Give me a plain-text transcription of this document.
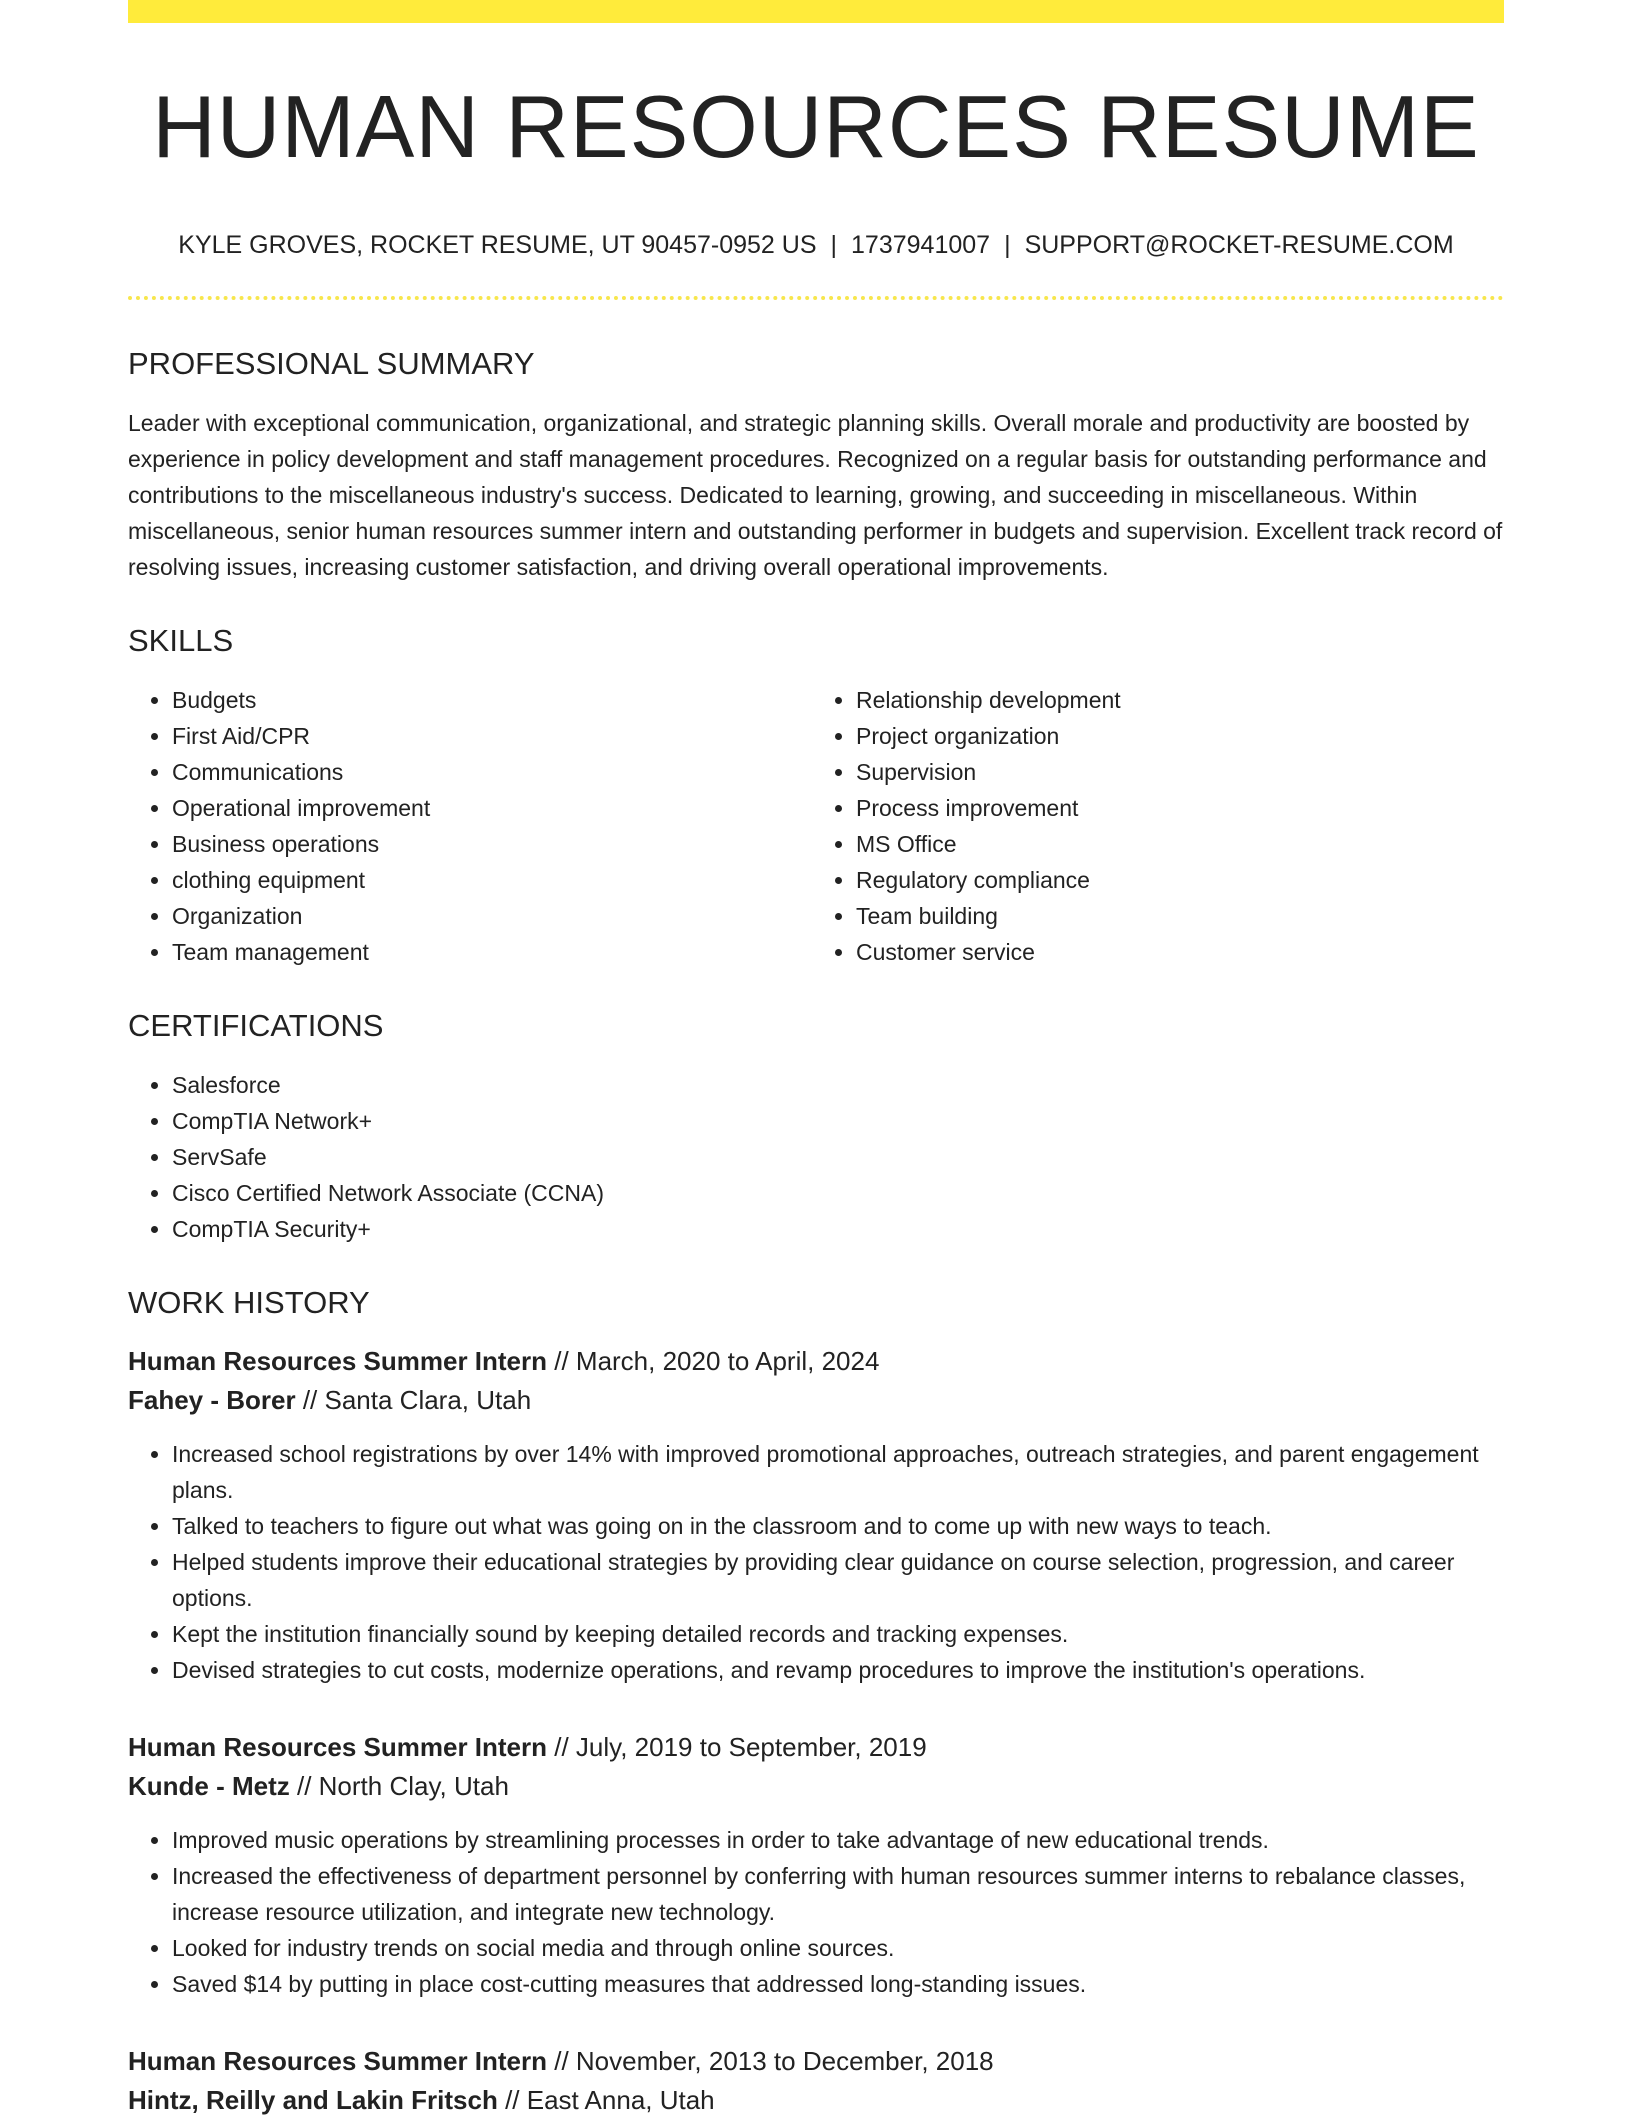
HUMAN RESOURCES RESUME
KYLE GROVES, ROCKET RESUME, UT 90457-0952 US | 1737941007 | SUPPORT@ROCKET-RESUME.COM
PROFESSIONAL SUMMARY
Leader with exceptional communication, organizational, and strategic planning skills. Overall morale and productivity are boosted by experience in policy development and staff management procedures. Recognized on a regular basis for outstanding performance and contributions to the miscellaneous industry's success. Dedicated to learning, growing, and succeeding in miscellaneous. Within miscellaneous, senior human resources summer intern and outstanding performer in budgets and supervision. Excellent track record of resolving issues, increasing customer satisfaction, and driving overall operational improvements.
SKILLS
• Budgets
• First Aid/CPR
• Communications
• Operational improvement
• Business operations
• clothing equipment
• Organization
• Team management
• Relationship development
• Project organization
• Supervision
• Process improvement
• MS Office
• Regulatory compliance
• Team building
• Customer service
CERTIFICATIONS
• Salesforce
• CompTIA Network+
• ServSafe
• Cisco Certified Network Associate (CCNA)
• CompTIA Security+
WORK HISTORY
Human Resources Summer Intern // March, 2020 to April, 2024
Fahey - Borer // Santa Clara, Utah
• Increased school registrations by over 14% with improved promotional approaches, outreach strategies, and parent engagement plans.
• Talked to teachers to figure out what was going on in the classroom and to come up with new ways to teach.
• Helped students improve their educational strategies by providing clear guidance on course selection, progression, and career options.
• Kept the institution financially sound by keeping detailed records and tracking expenses.
• Devised strategies to cut costs, modernize operations, and revamp procedures to improve the institution's operations.
Human Resources Summer Intern // July, 2019 to September, 2019
Kunde - Metz // North Clay, Utah
• Improved music operations by streamlining processes in order to take advantage of new educational trends.
• Increased the effectiveness of department personnel by conferring with human resources summer interns to rebalance classes, increase resource utilization, and integrate new technology.
• Looked for industry trends on social media and through online sources.
• Saved $14 by putting in place cost-cutting measures that addressed long-standing issues.
Human Resources Summer Intern // November, 2013 to December, 2018
Hintz, Reilly and Lakin Fritsch // East Anna, Utah
